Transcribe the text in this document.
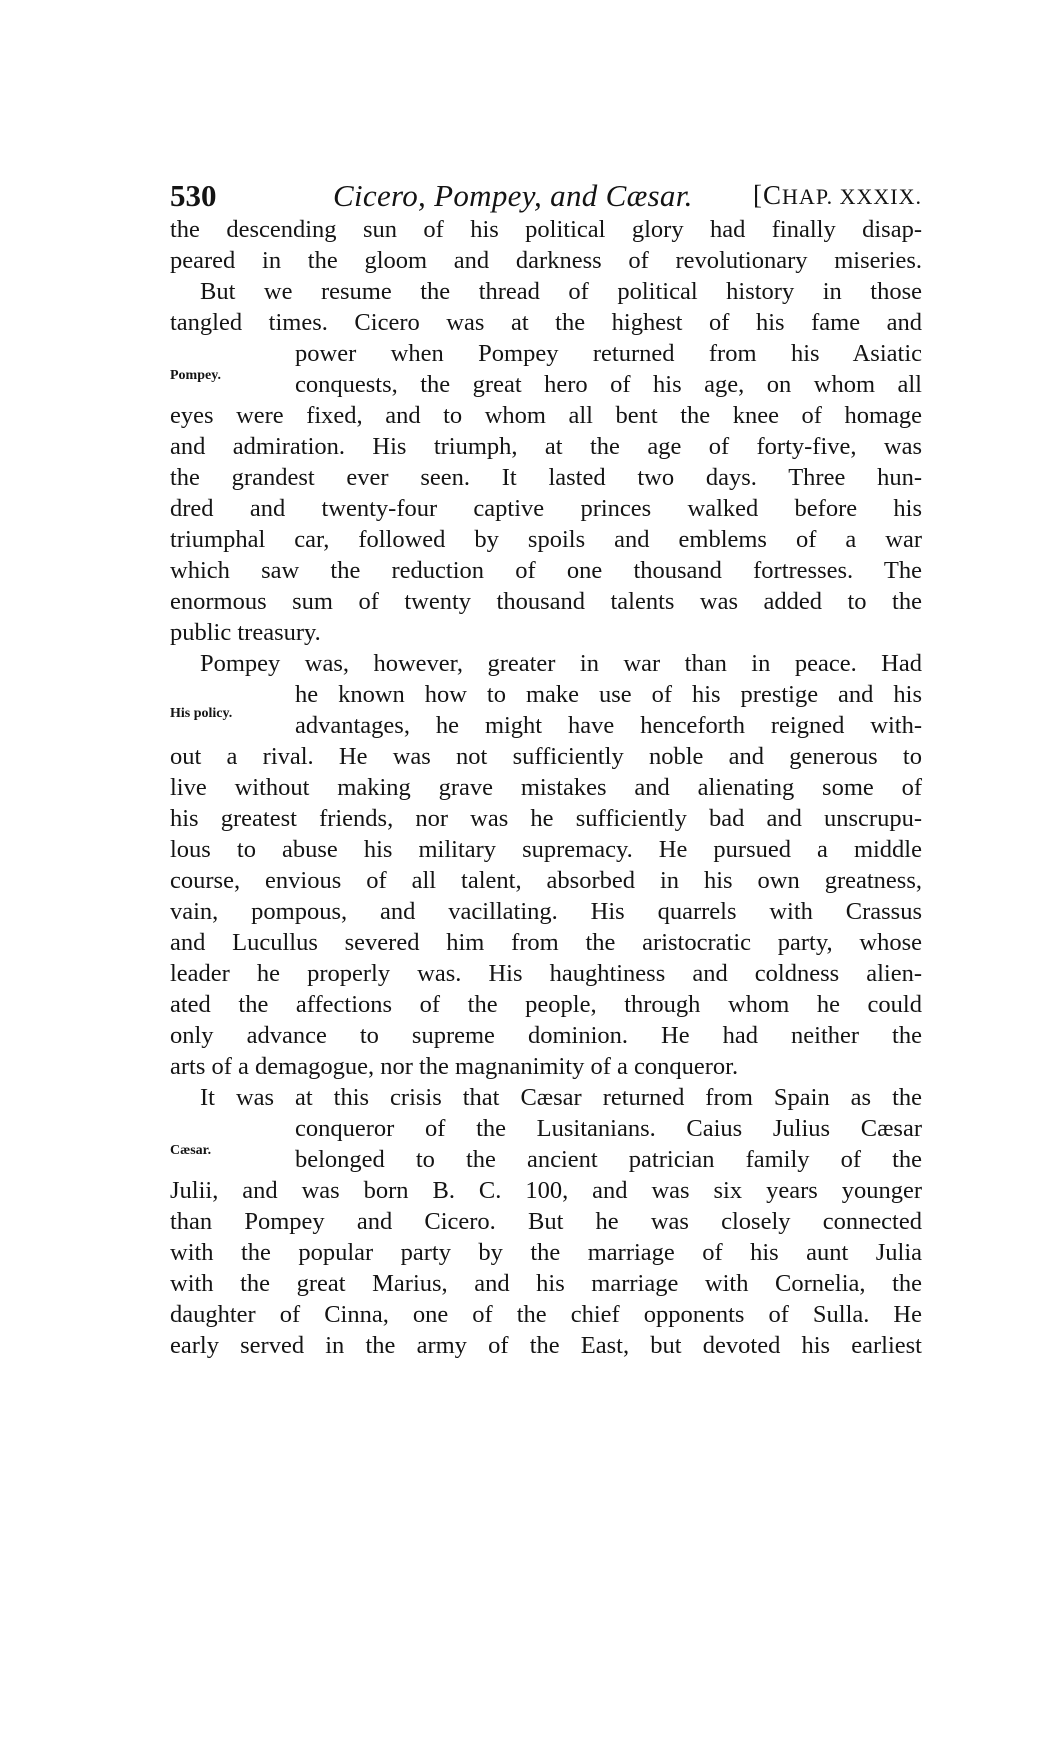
530	Cicero, Pompey, and Cæsar. [CHAP. XXXIX.
the descending sun of his political glory had finally disap-
peared in the gloom and darkness of revolutionary miseries.
But we resume the thread of political history in those
tangled times. Cicero was at the highest of his fame and
power when Pompey returned from his Asiatic
conquests, the great hero of his age, on whom all
eyes were fixed, and to whom all bent the knee of homage
and admiration. His triumph, at the age of forty-five, was
the grandest ever seen. It lasted two days. Three hun-
dred and twenty-four captive princes walked before his
triumphal car, followed by spoils and emblems of a war
which saw the reduction of one thousand fortresses. The
enormous sum of twenty thousand talents was added to the
public treasury.
Pompey was, however, greater in war than in peace. Had
he known how to make use of his prestige and his
advantages, he might have henceforth reigned with-
out a rival. He was not sufficiently noble and generous to
live without making grave mistakes and alienating some of
his greatest friends, nor was he sufficiently bad and unscrupu-
lous to abuse his military supremacy. He pursued a middle
course, envious of all talent, absorbed in his own greatness,
vain, pompous, and vacillating. His quarrels with Crassus
and Lucullus severed him from the aristocratic party, whose
leader he properly was. His haughtiness and coldness alien-
ated the affections of the people, through whom he could
only advance to supreme dominion. He had neither the
arts of a demagogue, nor the magnanimity of a conqueror.
It was at this crisis that Cæsar returned from Spain as the
conqueror of the Lusitanians. Caius Julius Cæsar
belonged to the ancient patrician family of the
Julii, and was born B. C. 100, and was six years younger
than Pompey and Cicero. But he was closely connected
with the popular party by the marriage of his aunt Julia
with the great Marius, and his marriage with Cornelia, the
daughter of Cinna, one of the chief opponents of Sulla. He
early served in the army of the East, but devoted his earliest
Pompey.
His policy.
Cæsar.
